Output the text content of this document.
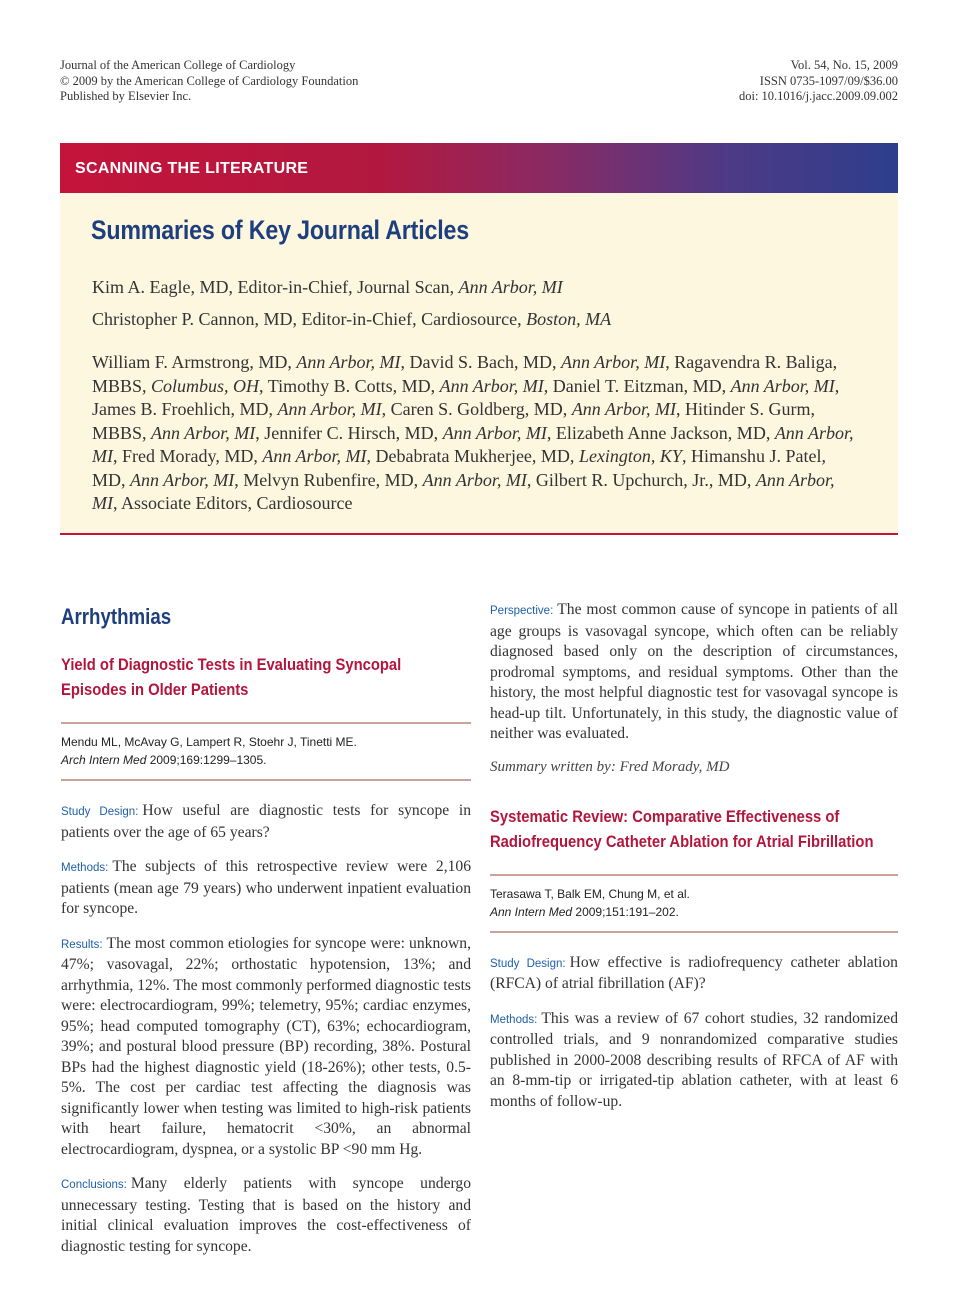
Journal of the American College of Cardiology
© 2009 by the American College of Cardiology Foundation
Published by Elsevier Inc.
Vol. 54, No. 15, 2009
ISSN 0735-1097/09/$36.00
doi: 10.1016/j.jacc.2009.09.002
SCANNING THE LITERATURE
Summaries of Key Journal Articles
Kim A. Eagle, MD, Editor-in-Chief, Journal Scan, Ann Arbor, MI
Christopher P. Cannon, MD, Editor-in-Chief, Cardiosource, Boston, MA
William F. Armstrong, MD, Ann Arbor, MI, David S. Bach, MD, Ann Arbor, MI, Ragavendra R. Baliga, MBBS, Columbus, OH, Timothy B. Cotts, MD, Ann Arbor, MI, Daniel T. Eitzman, MD, Ann Arbor, MI, James B. Froehlich, MD, Ann Arbor, MI, Caren S. Goldberg, MD, Ann Arbor, MI, Hitinder S. Gurm, MBBS, Ann Arbor, MI, Jennifer C. Hirsch, MD, Ann Arbor, MI, Elizabeth Anne Jackson, MD, Ann Arbor, MI, Fred Morady, MD, Ann Arbor, MI, Debabrata Mukherjee, MD, Lexington, KY, Himanshu J. Patel, MD, Ann Arbor, MI, Melvyn Rubenfire, MD, Ann Arbor, MI, Gilbert R. Upchurch, Jr., MD, Ann Arbor, MI, Associate Editors, Cardiosource
Arrhythmias
Yield of Diagnostic Tests in Evaluating Syncopal Episodes in Older Patients
Mendu ML, McAvay G, Lampert R, Stoehr J, Tinetti ME.
Arch Intern Med 2009;169:1299–1305.

Study Design: How useful are diagnostic tests for syncope in patients over the age of 65 years?

Methods: The subjects of this retrospective review were 2,106 patients (mean age 79 years) who underwent inpatient evaluation for syncope.

Results: The most common etiologies for syncope were: unknown, 47%; vasovagal, 22%; orthostatic hypotension, 13%; and arrhythmia, 12%. The most commonly performed diagnostic tests were: electrocardiogram, 99%; telemetry, 95%; cardiac enzymes, 95%; head computed tomography (CT), 63%; echocardiogram, 39%; and postural blood pressure (BP) recording, 38%. Postural BPs had the highest diagnostic yield (18-26%); other tests, 0.5-5%. The cost per cardiac test affecting the diagnosis was significantly lower when testing was limited to high-risk patients with heart failure, hematocrit <30%, an abnormal electrocardiogram, dyspnea, or a systolic BP <90 mm Hg.

Conclusions: Many elderly patients with syncope undergo unnecessary testing. Testing that is based on the history and initial clinical evaluation improves the cost-effectiveness of diagnostic testing for syncope.

Perspective: The most common cause of syncope in patients of all age groups is vasovagal syncope, which often can be reliably diagnosed based only on the description of circumstances, prodromal symptoms, and residual symptoms. Other than the history, the most helpful diagnostic test for vasovagal syncope is head-up tilt. Unfortunately, in this study, the diagnostic value of neither was evaluated.

Summary written by: Fred Morady, MD

Systematic Review: Comparative Effectiveness of Radiofrequency Catheter Ablation for Atrial Fibrillation
Terasawa T, Balk EM, Chung M, et al.
Ann Intern Med 2009;151:191–202.

Study Design: How effective is radiofrequency catheter ablation (RFCA) of atrial fibrillation (AF)?

Methods: This was a review of 67 cohort studies, 32 randomized controlled trials, and 9 nonrandomized comparative studies published in 2000-2008 describing results of RFCA of AF with an 8-mm-tip or irrigated-tip ablation catheter, with at least 6 months of follow-up.
